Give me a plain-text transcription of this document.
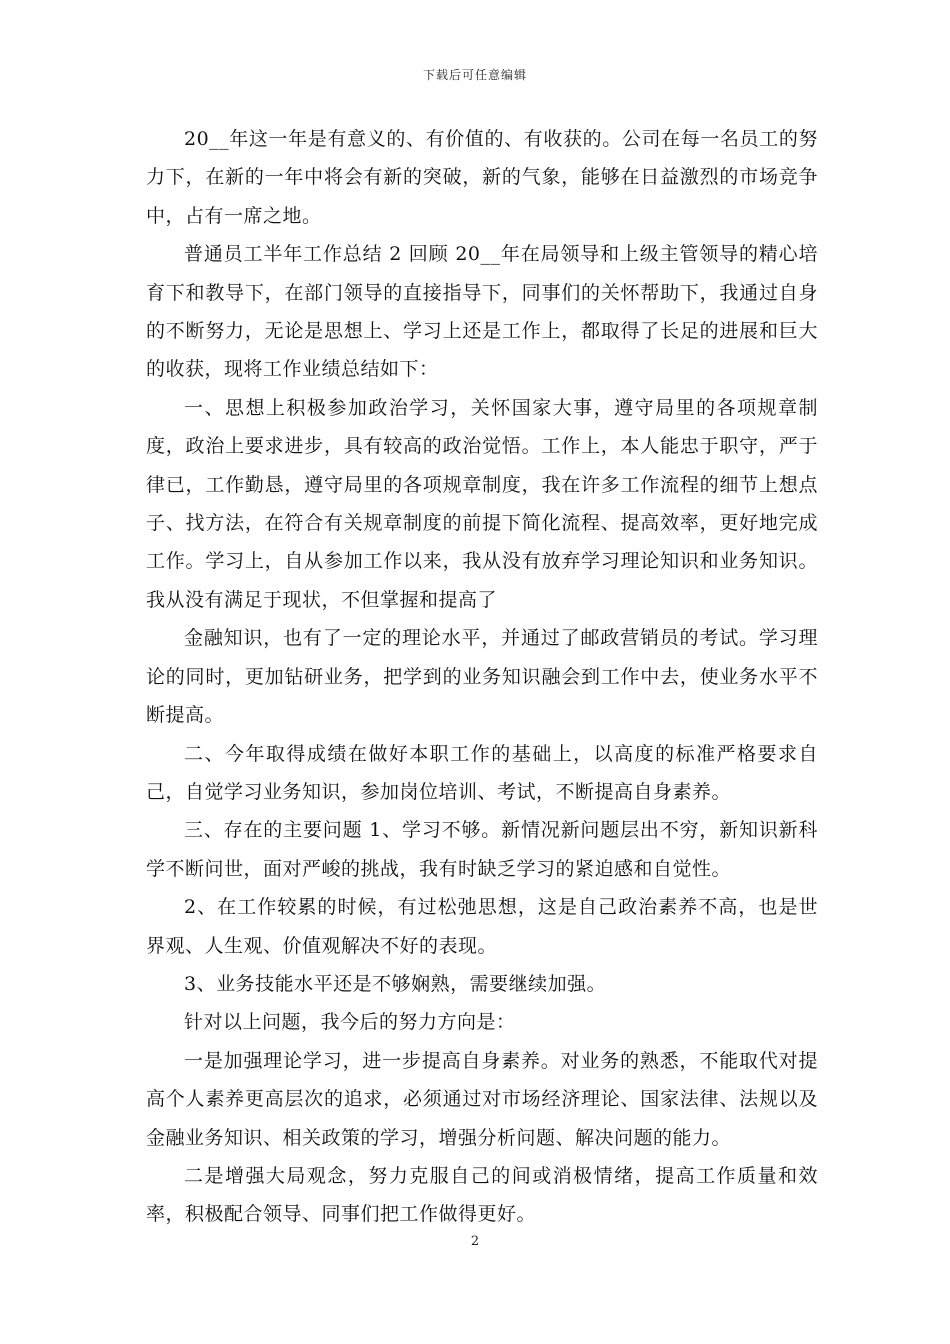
下载后可任意编辑

20__年这一年是有意义的、有价值的、有收获的。公司在每一名员工的努力下，在新的一年中将会有新的突破，新的气象，能够在日益激烈的市场竞争中，占有一席之地。

普通员工半年工作总结 2 回顾 20__年在局领导和上级主管领导的精心培育下和教导下，在部门领导的直接指导下，同事们的关怀帮助下，我通过自身的不断努力，无论是思想上、学习上还是工作上，都取得了长足的进展和巨大的收获，现将工作业绩总结如下：

一、思想上积极参加政治学习，关怀国家大事，遵守局里的各项规章制度，政治上要求进步，具有较高的政治觉悟。工作上，本人能忠于职守，严于律已，工作勤恳，遵守局里的各项规章制度，我在许多工作流程的细节上想点子、找方法，在符合有关规章制度的前提下简化流程、提高效率，更好地完成工作。学习上，自从参加工作以来，我从没有放弃学习理论知识和业务知识。我从没有满足于现状，不但掌握和提高了

金融知识，也有了一定的理论水平，并通过了邮政营销员的考试。学习理论的同时，更加钻研业务，把学到的业务知识融会到工作中去，使业务水平不断提高。

二、今年取得成绩在做好本职工作的基础上，以高度的标准严格要求自己，自觉学习业务知识，参加岗位培训、考试，不断提高自身素养。

三、存在的主要问题 1、学习不够。新情况新问题层出不穷，新知识新科学不断问世，面对严峻的挑战，我有时缺乏学习的紧迫感和自觉性。

2、在工作较累的时候，有过松弛思想，这是自己政治素养不高，也是世界观、人生观、价值观解决不好的表现。

3、业务技能水平还是不够娴熟，需要继续加强。

针对以上问题，我今后的努力方向是：

一是加强理论学习，进一步提高自身素养。对业务的熟悉，不能取代对提高个人素养更高层次的追求，必须通过对市场经济理论、国家法律、法规以及金融业务知识、相关政策的学习，增强分析问题、解决问题的能力。

二是增强大局观念，努力克服自己的间或消极情绪，提高工作质量和效率，积极配合领导、同事们把工作做得更好。

2
